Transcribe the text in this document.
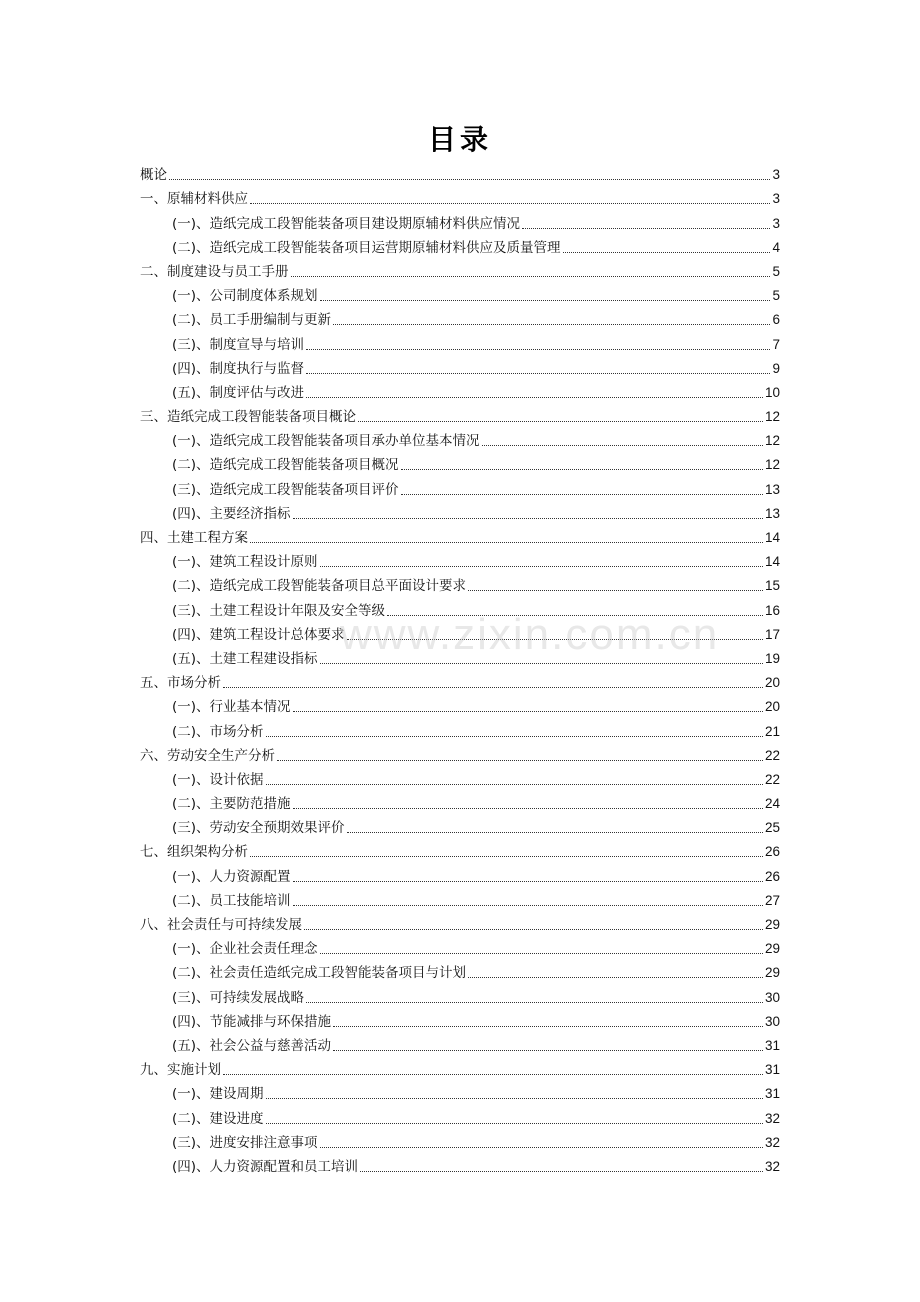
目录
概论	3
一、原辅材料供应	3
(一)、造纸完成工段智能装备项目建设期原辅材料供应情况	3
(二)、造纸完成工段智能装备项目运营期原辅材料供应及质量管理	4
二、制度建设与员工手册	5
(一)、公司制度体系规划	5
(二)、员工手册编制与更新	6
(三)、制度宣导与培训	7
(四)、制度执行与监督	9
(五)、制度评估与改进	10
三、造纸完成工段智能装备项目概论	12
(一)、造纸完成工段智能装备项目承办单位基本情况	12
(二)、造纸完成工段智能装备项目概况	12
(三)、造纸完成工段智能装备项目评价	13
(四)、主要经济指标	13
四、土建工程方案	14
(一)、建筑工程设计原则	14
(二)、造纸完成工段智能装备项目总平面设计要求	15
(三)、土建工程设计年限及安全等级	16
(四)、建筑工程设计总体要求	17
(五)、土建工程建设指标	19
五、市场分析	20
(一)、行业基本情况	20
(二)、市场分析	21
六、劳动安全生产分析	22
(一)、设计依据	22
(二)、主要防范措施	24
(三)、劳动安全预期效果评价	25
七、组织架构分析	26
(一)、人力资源配置	26
(二)、员工技能培训	27
八、社会责任与可持续发展	29
(一)、企业社会责任理念	29
(二)、社会责任造纸完成工段智能装备项目与计划	29
(三)、可持续发展战略	30
(四)、节能减排与环保措施	30
(五)、社会公益与慈善活动	31
九、实施计划	31
(一)、建设周期	31
(二)、建设进度	32
(三)、进度安排注意事项	32
(四)、人力资源配置和员工培训	32
www.zixin.com.cn
